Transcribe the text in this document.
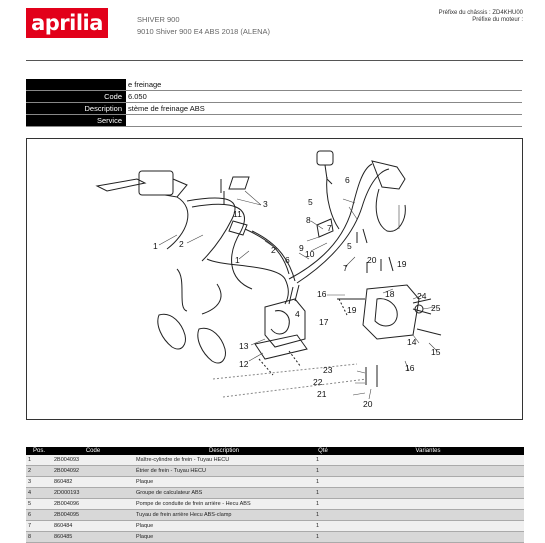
aprilia	SHIVER 900
9010 Shiver 900 E4 ABS 2018 (ALENA)
Préfixe du châssis : ZD4KHU00
Préfixe du moteur :
e freinage
Code 6.050
Description stème de freinage ABS
Service
1	2
3
11
2
1
8
5
6
9
10
7
7
5
6
20 19
16	18	24
4
17
19	25
14
15
13
12
23
22
21
20
16
Pos.	Code	Description	Qté	Variantes
1	2B004093	Maître-cylindre de frein - Tuyau HECU	1	
2	2B004092	Étrier de frein - Tuyau HECU	1	
3	860482	Plaque	1	
4	2D000193	Groupe de calculateur ABS	1	
5	2B004096	Pompe de conduite de frein arrière - Hecu ABS	1	
6	2B004095	Tuyau de frein arrière Hecu ABS-clamp	1	
7	860484	Plaque	1	
8	860485	Plaque	1	
